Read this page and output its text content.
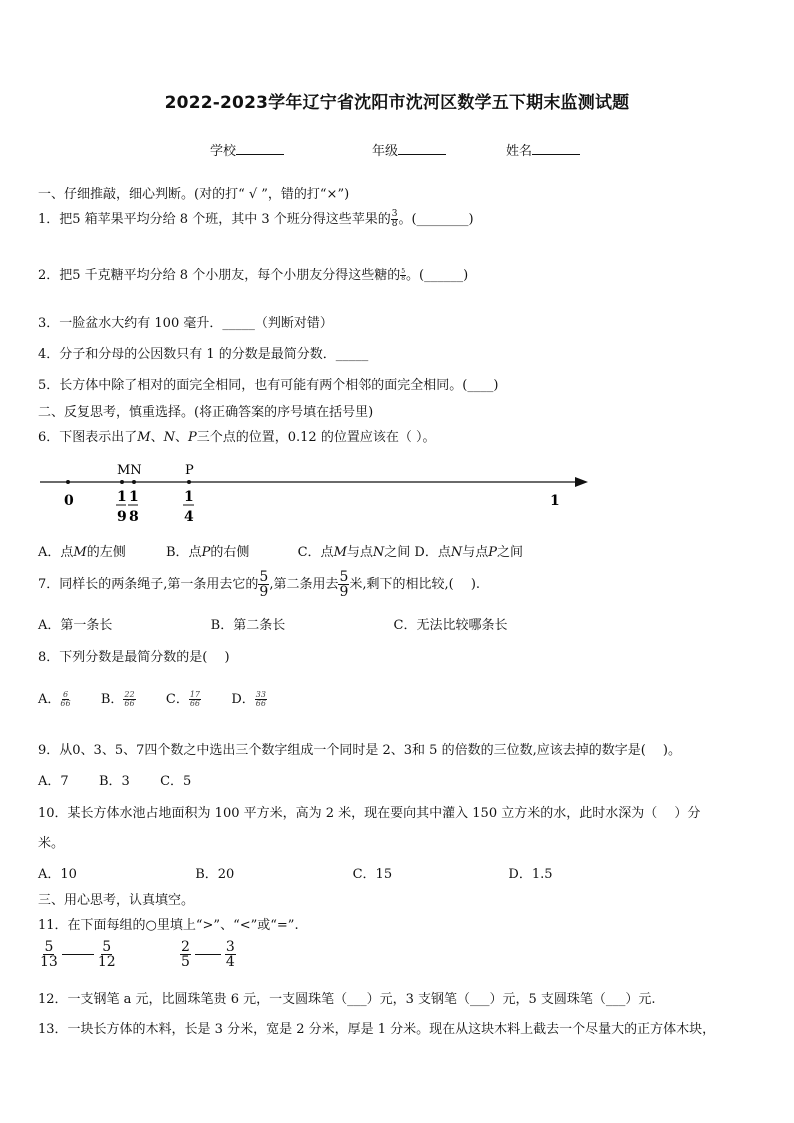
2022-2023学年辽宁省沈阳市沈河区数学五下期末监测试题
学校	年级	姓名
一、仔细推敲，细心判断。(对的打“ √ ”，错的打“×”)
1．把5 箱苹果平均分给 8 个班，其中 3 个班分得这些苹果的 $\frac{3}{8}$ 。(________)
2．把5 千克糖平均分给 8 个小朋友，每个小朋友分得这些糖的 $\frac{5}{8}$ 。(______)
3．一脸盆水大约有 100 毫升．_____（判断对错）
4．分子和分母的公因数只有 1 的分数是最简分数．_____
5．长方体中除了相对的面完全相同，也有可能有两个相邻的面完全相同。(____)
二、反复思考，慎重选择。(将正确答案的序号填在括号里)
6．下图表示出了M、N、P三个点的位置，0.12 的位置应该在（ ）。
MN	P
0	1
1
9
1
8
1
4
A．点M的左侧	B．点P的右侧	C．点M与点N之间 D．点N与点P之间
7．同样长的两条绳子,第一条用去它的 $\frac{5}{9}$ ,第二条用去 $\frac{5}{9}$ 米,剩下的相比较,(　 ).
A．第一条长	B．第二条长	C．无法比较哪条长
8．下列分数是最简分数的是(　 )
A． $\frac{6}{66}$ B． $\frac{22}{66}$ C． $\frac{17}{66}$ D． $\frac{33}{66}$
9．从0、3、5、7四个数之中选出三个数字组成一个同时是 2、3和 5 的倍数的三位数,应该去掉的数字是(　 )。
A．7 B．3 C．5
10．某长方体水池占地面积为 100 平方米，高为 2 米，现在要向其中灌入 150 立方米的水，此时水深为（　 ）分
米。
A．10	B．20	C．15	D．1.5
三、用心思考，认真填空。
11．在下面每组的○里填上“>”、“<”或“=”.
$\frac{5}{13}$	$\frac{5}{12}$	$\frac{2}{5} \frac{3}{4}$
12．一支钢笔 a 元，比圆珠笔贵 6 元，一支圆珠笔（___）元，3 支钢笔（___）元，5 支圆珠笔（___）元.
13．一块长方体的木料，长是 3 分米，宽是 2 分米，厚是 1 分米。现在从这块木料上截去一个尽量大的正方体木块，
